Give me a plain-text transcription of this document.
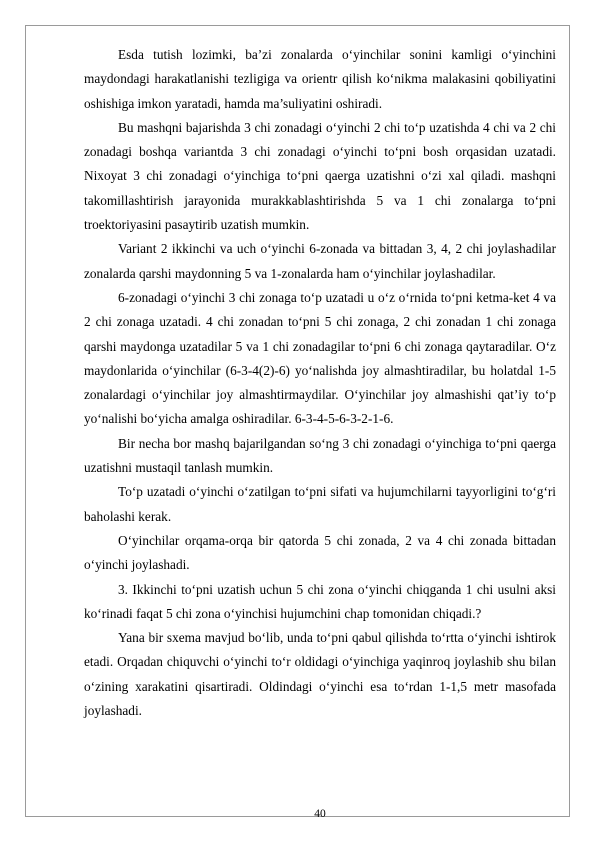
Esda tutish lozimki, ba’zi zonalarda o‘yinchilar sonini kamligi o‘yinchini maydondagi harakatlanishi tezligiga va orientr qilish ko‘nikma malakasini qobiliyatini oshishiga imkon yaratadi, hamda ma’suliyatini oshiradi.

Bu mashqni bajarishda 3 chi zonadagi o‘yinchi 2 chi to‘p uzatishda 4 chi va 2 chi zonadagi boshqa variantda 3 chi zonadagi o‘yinchi to‘pni bosh orqasidan uzatadi. Nixoyat 3 chi zonadagi o‘yinchiga to‘pni qaerga uzatishni o‘zi xal qiladi. mashqni takomillashtirish jarayonida murakkablashtirishda 5 va 1 chi zonalarga to‘pni troektoriyasini pasaytirib uzatish mumkin.

Variant 2 ikkinchi va uch o‘yinchi 6-zonada va bittadan 3, 4, 2 chi joylashadilar zonalarda qarshi maydonning 5 va 1-zonalarda ham o‘yinchilar joylashadilar.

6-zonadagi o‘yinchi 3 chi zonaga to‘p uzatadi u o‘z o‘rnida to‘pni ketma-ket 4 va 2 chi zonaga uzatadi. 4 chi zonadan to‘pni 5 chi zonaga, 2 chi zonadan 1 chi zonaga qarshi maydonga uzatadilar 5 va 1 chi zonadagilar to‘pni 6 chi zonaga qaytaradilar. O‘z maydonlarida o‘yinchilar (6-3-4(2)-6) yo‘nalishda joy almashtiradilar, bu holatdal 1-5 zonalardagi o‘yinchilar joy almashtirmaydilar. O‘yinchilar joy almashishi qat’iy to‘p yo‘nalishi bo‘yicha amalga oshiradilar. 6-3-4-5-6-3-2-1-6.

Bir necha bor mashq bajarilgandan so‘ng 3 chi zonadagi o‘yinchiga to‘pni qaerga uzatishni mustaqil tanlash mumkin.

To‘p uzatadi o‘yinchi o‘zatilgan to‘pni sifati va hujumchilarni tayyorligini to‘g‘ri baholashi kerak.

O‘yinchilar orqama-orqa bir qatorda 5 chi zonada, 2 va 4 chi zonada bittadan o‘yinchi joylashadi.

3. Ikkinchi to‘pni uzatish uchun 5 chi zona o‘yinchi chiqganda 1 chi usulni aksi ko‘rinadi faqat 5 chi zona o‘yinchisi hujumchini chap tomonidan chiqadi.?

Yana bir sxema mavjud bo‘lib, unda to‘pni qabul qilishda to‘rtta o‘yinchi ishtirok etadi. Orqadan chiquvchi o‘yinchi to‘r oldidagi o‘yinchiga yaqinroq joylashib shu bilan o‘zining xarakatini qisartiradi. Oldindagi o‘yinchi esa to‘rdan 1-1,5 metr masofada joylashadi.

40
